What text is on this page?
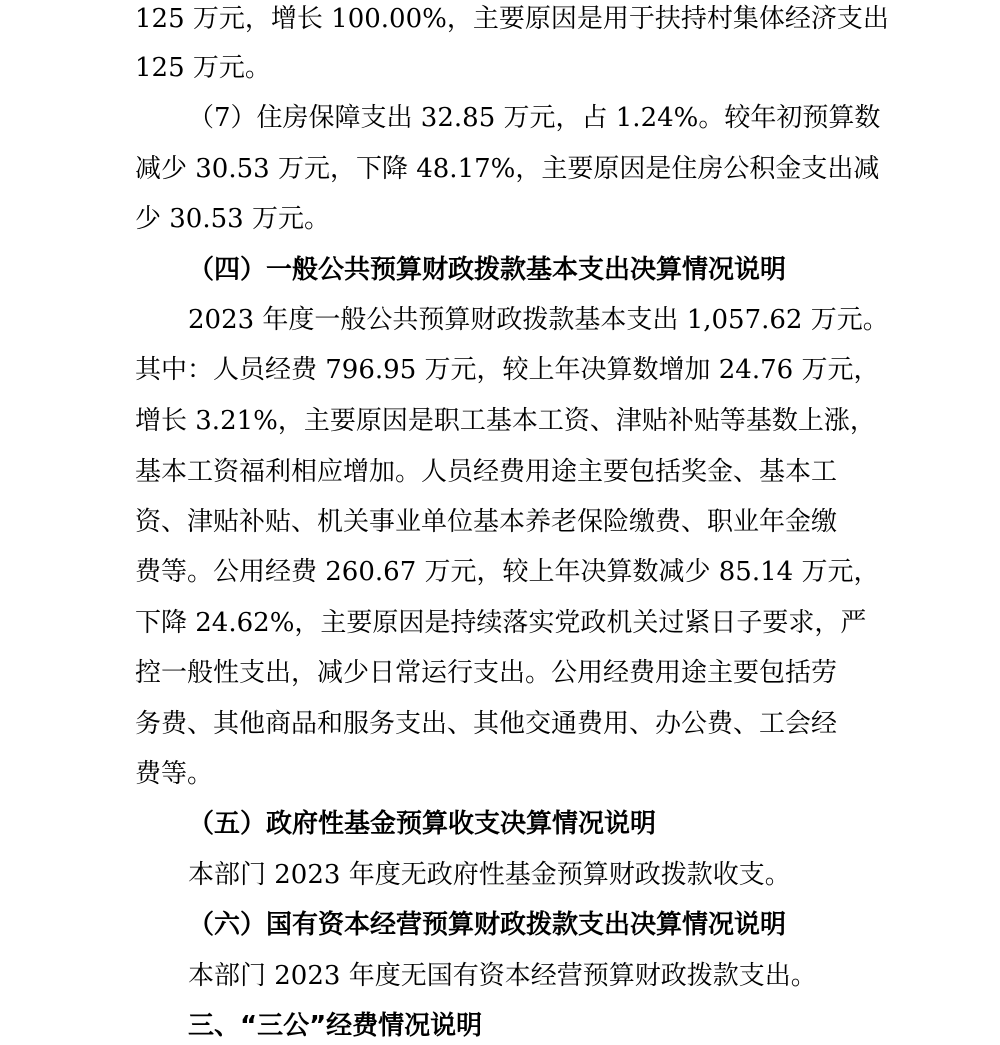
125 万元，增长 100.00%，主要原因是用于扶持村集体经济支出
125 万元。
（7）住房保障支出 32.85 万元，占 1.24%。较年初预算数
减少 30.53 万元，下降 48.17%，主要原因是住房公积金支出减
少 30.53 万元。
（四）一般公共预算财政拨款基本支出决算情况说明
2023 年度一般公共预算财政拨款基本支出 1,057.62 万元。
其中：人员经费 796.95 万元，较上年决算数增加 24.76 万元，
增长 3.21%，主要原因是职工基本工资、津贴补贴等基数上涨，
基本工资福利相应增加。人员经费用途主要包括奖金、基本工
资、津贴补贴、机关事业单位基本养老保险缴费、职业年金缴
费等。公用经费 260.67 万元，较上年决算数减少 85.14 万元，
下降 24.62%，主要原因是持续落实党政机关过紧日子要求，严
控一般性支出，减少日常运行支出。公用经费用途主要包括劳
务费、其他商品和服务支出、其他交通费用、办公费、工会经
费等。
（五）政府性基金预算收支决算情况说明
本部门 2023 年度无政府性基金预算财政拨款收支。
（六）国有资本经营预算财政拨款支出决算情况说明
本部门 2023 年度无国有资本经营预算财政拨款支出。
三、“三公”经费情况说明
